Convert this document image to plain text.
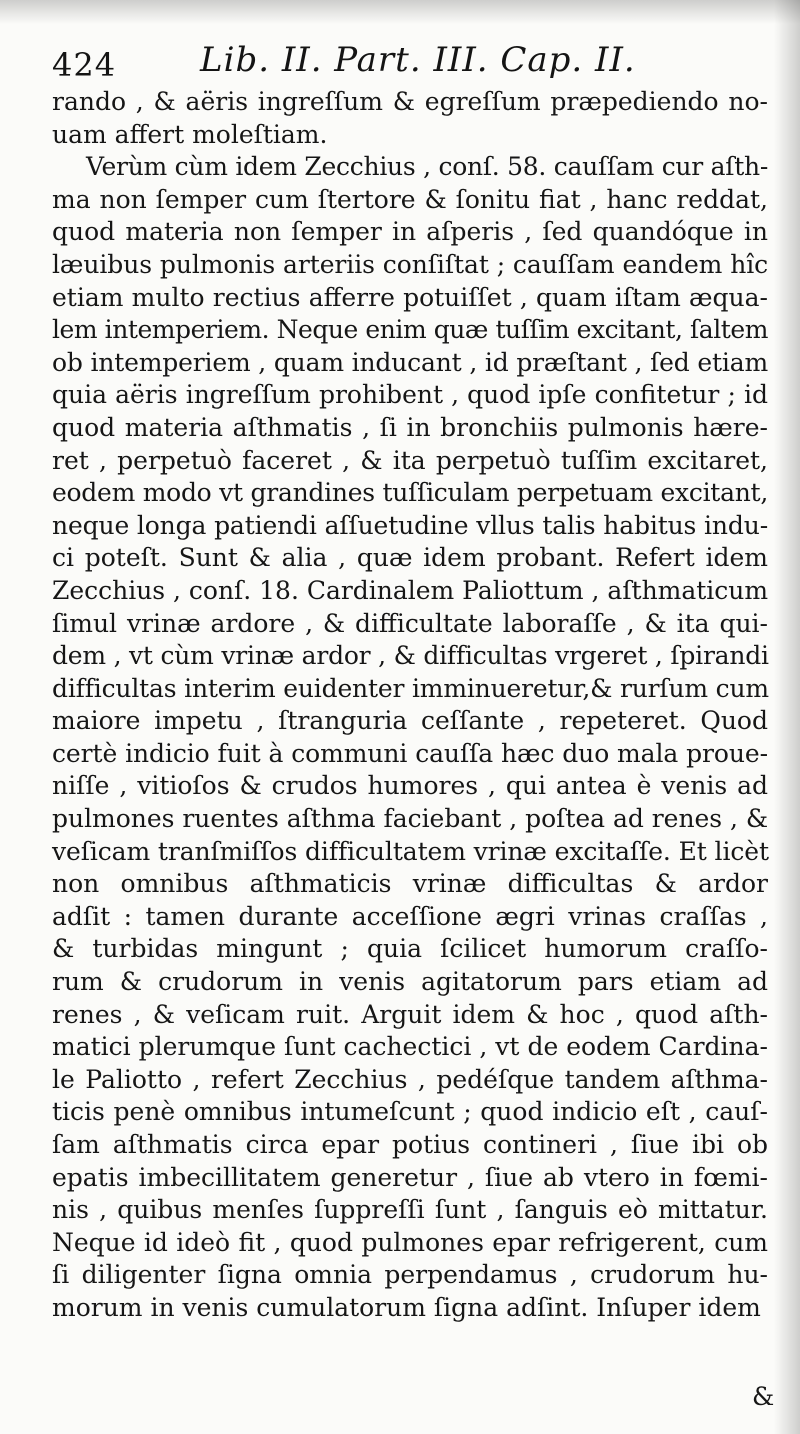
424 Lib. II. Part. III. Cap. II.
rando , & aëris ingreſſum & egreſſum præpediendo no-
uam affert moleſtiam.
Verùm cùm idem Zecchius , conſ. 58. cauſſam cur aſth-
ma non ſemper cum ſtertore & ſonitu fiat , hanc reddat,
quod materia non ſemper in aſperis , ſed quandóque in
læuibus pulmonis arteriis conſiſtat ; cauſſam eandem hîc
etiam multo rectius afferre potuiſſet , quam iſtam æqua-
lem intemperiem. Neque enim quæ tuſſim excitant, ſaltem
ob intemperiem , quam inducant , id præſtant , ſed etiam
quia aëris ingreſſum prohibent , quod ipſe confitetur ; id
quod materia aſthmatis , ſi in bronchiis pulmonis hære-
ret , perpetuò faceret , & ita perpetuò tuſſim excitaret,
eodem modo vt grandines tuſſiculam perpetuam excitant,
neque longa patiendi aſſuetudine vllus talis habitus indu-
ci poteſt. Sunt & alia , quæ idem probant. Refert idem
Zecchius , conſ. 18. Cardinalem Paliottum , aſthmaticum
ſimul vrinæ ardore , & difficultate laboraſſe , & ita qui-
dem , vt cùm vrinæ ardor , & difficultas vrgeret , ſpirandi
difficultas interim euidenter imminueretur,& rurſum cum
maiore impetu , ſtranguria ceſſante , repeteret. Quod
certè indicio fuit à communi cauſſa hæc duo mala proue-
niſſe , vitioſos & crudos humores , qui antea è venis ad
pulmones ruentes aſthma faciebant , poſtea ad renes , &
veſicam tranſmiſſos difficultatem vrinæ excitaſſe. Et licèt
non omnibus aſthmaticis vrinæ difficultas & ardor
adſit : tamen durante acceſſione ægri vrinas craſſas ,
& turbidas mingunt ; quia ſcilicet humorum craſſo-
rum & crudorum in venis agitatorum pars etiam ad
renes , & veſicam ruit. Arguit idem & hoc , quod aſth-
matici plerumque ſunt cachectici , vt de eodem Cardina-
le Paliotto , refert Zecchius , pedéſque tandem aſthma-
ticis penè omnibus intumeſcunt ; quod indicio eſt , cauſ-
ſam aſthmatis circa epar potius contineri , ſiue ibi ob
epatis imbecillitatem generetur , ſiue ab vtero in fœmi-
nis , quibus menſes ſuppreſſi ſunt , ſanguis eò mittatur.
Neque id ideò fit , quod pulmones epar refrigerent, cum
ſi diligenter ſigna omnia perpendamus , crudorum hu-
morum in venis cumulatorum ſigna adſint. Inſuper idem
&
